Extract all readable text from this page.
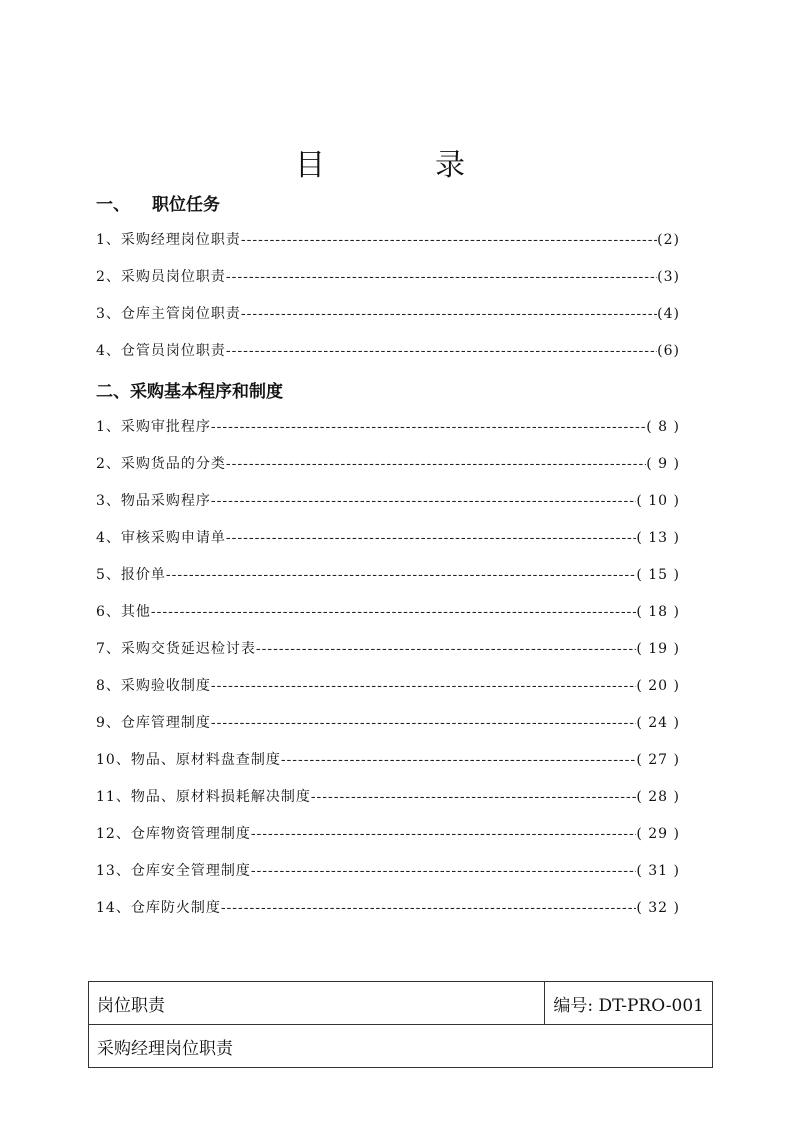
目　录
一、 职位任务
1、采购经理岗位职责 -----	(2)
2、采购员岗位职责 -----	(3)
3、仓库主管岗位职责 -----	(4)
4、仓管员岗位职责 -----	(6)
二、采购基本程序和制度
1、采购审批程序 -----	( 8 )
2、采购货品的分类 -----	( 9 )
3、物品采购程序 -----	( 10 )
4、审核采购申请单 -----	( 13 )
5、报价单 -----	( 15 )
6、其他 -----	( 18 )
7、采购交货延迟检讨表 -----	( 19 )
8、采购验收制度 -----	( 20 )
9、仓库管理制度 -----	( 24 )
10、 物品、原材料盘查制度 -----	( 27 )
11、 物品、原材料损耗解决制度 -----	( 28 )
12、 仓库物资管理制度 -----	( 29 )
13、 仓库安全管理制度 -----	( 31 )
14、 仓库防火制度 -----	( 32 )
岗位职责	编号: DT-PRO-001
采购经理岗位职责
